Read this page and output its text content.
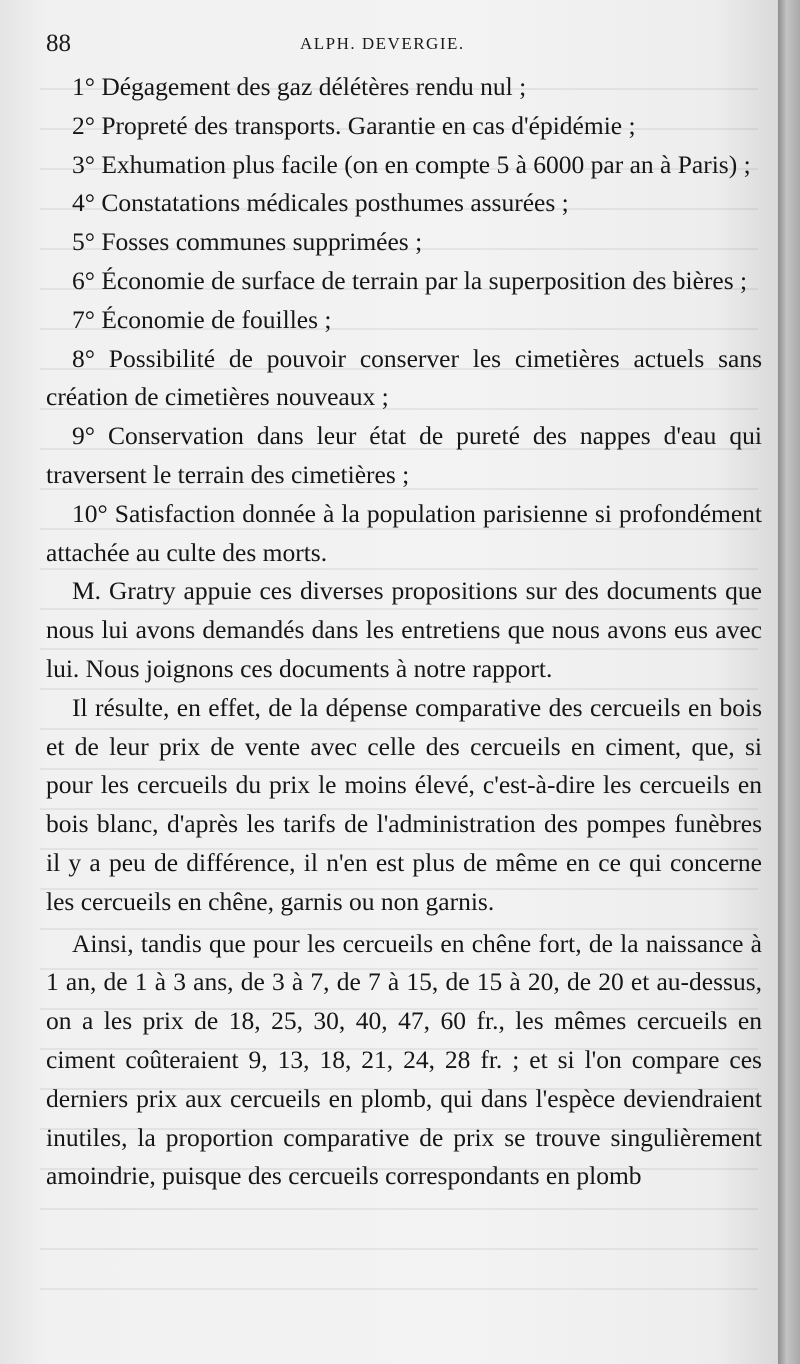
88	ALPH. DEVERGIE.

1° Dégagement des gaz délétères rendu nul ;

2° Propreté des transports. Garantie en cas d'épidémie ;

3° Exhumation plus facile (on en compte 5 à 6000 par an à Paris) ;

4° Constatations médicales posthumes assurées ;

5° Fosses communes supprimées ;

6° Économie de surface de terrain par la superposition des bières ;

7° Économie de fouilles ;

8° Possibilité de pouvoir conserver les cimetières actuels sans création de cimetières nouveaux ;

9° Conservation dans leur état de pureté des nappes d'eau qui traversent le terrain des cimetières ;

10° Satisfaction donnée à la population parisienne si profondément attachée au culte des morts.

M. Gratry appuie ces diverses propositions sur des documents que nous lui avons demandés dans les entretiens que nous avons eus avec lui. Nous joignons ces documents à notre rapport.

Il résulte, en effet, de la dépense comparative des cercueils en bois et de leur prix de vente avec celle des cercueils en ciment, que, si pour les cercueils du prix le moins élevé, c'est-à-dire les cercueils en bois blanc, d'après les tarifs de l'administration des pompes funèbres il y a peu de différence, il n'en est plus de même en ce qui concerne les cercueils en chêne, garnis ou non garnis.

Ainsi, tandis que pour les cercueils en chêne fort, de la naissance à 1 an, de 1 à 3 ans, de 3 à 7, de 7 à 15, de 15 à 20, de 20 et au-dessus, on a les prix de 18, 25, 30, 40, 47, 60 fr., les mêmes cercueils en ciment coûteraient 9, 13, 18, 21, 24, 28 fr. ; et si l'on compare ces derniers prix aux cercueils en plomb, qui dans l'espèce deviendraient inutiles, la proportion comparative de prix se trouve singulièrement amoindrie, puisque des cercueils correspondants en plomb
